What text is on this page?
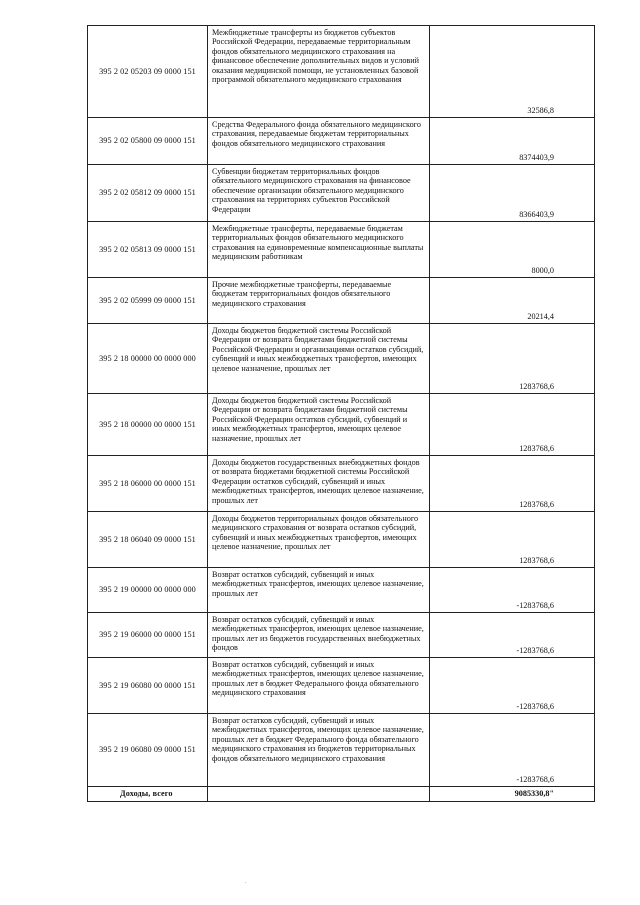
395 2 02 05203 09 0000 151	Межбюджетные трансферты из бюджетов субъектов Российской Федерации, передаваемые территориальным фондов обязательного медицинского страхования на финансовое обеспечение дополнительных видов и условий оказания медицинской помощи, не установленных базовой программой обязательного медицинского страхования	32586,8
395 2 02 05800 09 0000 151	Средства Федерального фонда обязательного медицинского страхования, передаваемые бюджетам территориальных фондов обязательного медицинского страхования	8374403,9
395 2 02 05812 09 0000 151	Субвенции бюджетам территориальных фондов обязательного медицинского страхования на финансовое обеспечение организации обязательного медицинского страхования на территориях субъектов Российской Федерации	8366403,9
395 2 02 05813 09 0000 151	Межбюджетные трансферты, передаваемые бюджетам территориальных фондов обязательного медицинского страхования на единовременные компенсационные выплаты медицинским работникам	8000,0
395 2 02 05999 09 0000 151	Прочие межбюджетные трансферты, передаваемые бюджетам территориальных фондов обязательного медицинского страхования	20214,4
395 2 18 00000 00 0000 000	Доходы бюджетов бюджетной системы Российской Федерации от возврата бюджетами бюджетной системы Российской Федерации и организациями остатков субсидий, субвенций и иных межбюджетных трансфертов, имеющих целевое назначение, прошлых лет	1283768,6
395 2 18 00000 00 0000 151	Доходы бюджетов бюджетной системы Российской Федерации от возврата бюджетами бюджетной системы Российской Федерации остатков субсидий, субвенций и иных межбюджетных трансфертов, имеющих целевое назначение, прошлых лет	1283768,6
395 2 18 06000 00 0000 151	Доходы бюджетов государственных внебюджетных фондов от возврата бюджетами бюджетной системы Российской Федерации остатков субсидий, субвенций и иных межбюджетных трансфертов, имеющих целевое назначение, прошлых лет	1283768,6
395 2 18 06040 09 0000 151	Доходы бюджетов территориальных фондов обязательного медицинского страхования от возврата остатков субсидий, субвенций и иных межбюджетных трансфертов, имеющих целевое назначение, прошлых лет	1283768,6
395 2 19 00000 00 0000 000	Возврат остатков субсидий, субвенций и иных межбюджетных трансфертов, имеющих целевое назначение, прошлых лет	-1283768,6
395 2 19 06000 00 0000 151	Возврат остатков субсидий, субвенций и иных межбюджетных трансфертов, имеющих целевое назначение, прошлых лет из бюджетов государственных внебюджетных фондов	-1283768,6
395 2 19 06080 00 0000 151	Возврат остатков субсидий, субвенций и иных межбюджетных трансфертов, имеющих целевое назначение, прошлых лет в бюджет Федерального фонда обязательного медицинского страхования	-1283768,6
395 2 19 06080 09 0000 151	Возврат остатков субсидий, субвенций и иных межбюджетных трансфертов, имеющих целевое назначение, прошлых лет в бюджет Федерального фонда обязательного медицинского страхования из бюджетов территориальных фондов обязательного медицинского страхования	-1283768,6
Доходы, всего		9085330,8"
.
